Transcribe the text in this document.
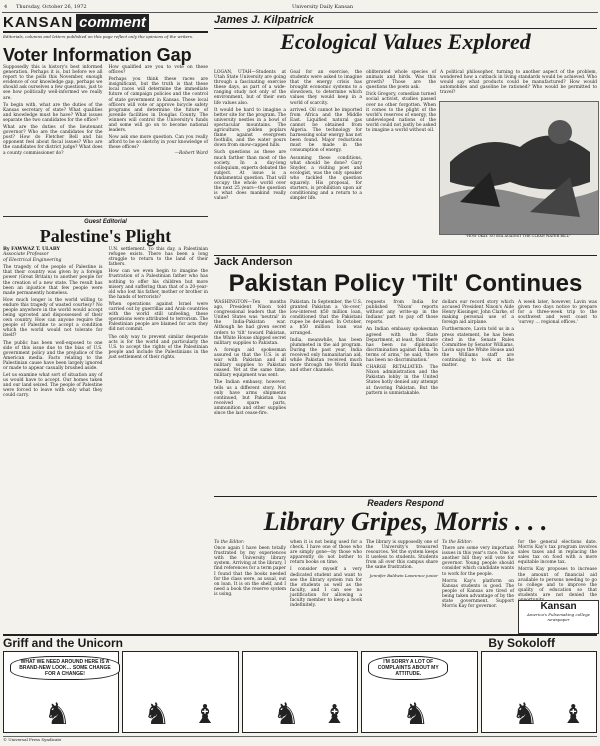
4 Thursday, October 26, 1972	University Daily Kansan
KANSAN comment
Editorials, columns and letters published on this page reflect only the opinions of the writers.
Voter Information Gap

Supposedly this is history's best informed generation. Perhaps it is, but before we all report to the polls this November, enough evidence of our knowledge gap, perhaps we should ask ourselves a few questions, just to see how politically well-informed we really are.

To begin with, what are the duties of the Kansas secretary of state? What qualities and knowledge must he have? What issues separate the two candidates for the office?

What are the duties of the lieutenant governor? Who are the candidates for the post? How do Fletcher Bell and his opponent feel about fiscal issues? Who are the candidates for district judge? What does a county commissioner do?

How qualified are you to vote on these offices?

Perhaps you think these races are insignificant, but the truth is that these local races will determine the immediate future of campaign policies and the control of state government in Kansas. These local officers will vote or approve bicycle safety programs and determine the future of juvenile facilities in Douglas County. The winners will control the University's funds and some will go on to become national leaders.

Now ask one more question. Can you really afford to be so sketchy in your knowledge of these offices?

—Robert Ward
Guest Editorial
Palestine's Plight
By FAWWAZ T. ULABY
Associate Professor
of Electrical Engineering

The tragedy of the people of Palestine is that their country was given by a foreign power (Great Britain) to another people for the creation of a new state. The result has been an injustice that few people were made permanently homeless.

How much longer is the world willing to endure this tragedy of wasted courtesy? No people anywhere in the world would accept being uprooted and dispossessed of their own country. How can anyone require the people of Palestine to accept a condition which the world would not tolerate for itself?

The public has been well-exposed to one side of this issue due to the bias of U.S. government policy and the prejudice of the American media. Facts relating to the Palestinian cause have been largely ignored or made to appear casually brushed aside.

Let us examine what sort of situation any of us would have to accept. Our homes taken and our land seized. The people of Palestine were forced to leave with only what they could carry.

U.N. settlement. To this day, a Palestinian refugee exists. There has been a long struggle to return to the land of their fathers.

How can we even begin to imagine the frustration of a Palestinian father who has nothing to offer his children but more misery and suffering than that of a 20-year-old who lost his father, mother or brother in the hands of terrorists?

When operations against Israel were carried out by guerrillas and Arab countries with the world still unfeeling, these operations were attributed to terrorism. The Palestinian people are blamed for acts they did not commit.

The only way to prevent similar desperate acts is for the world and particularly the U.S. to accept the rights of the Palestinian people and include the Palestinians in the just settlement of their rights.

James J. Kilpatrick
Ecological Values Explored

LOGAN, UTAH—Students at Utah State University are going through a fascinating exercise these days, as part of a wide-ranging study not only of the environment, but of their own life values also.

It would be hard to imagine a better site for the program. The university nestles in a bowl of spectacular mountains. The agriculture, golden poplars flame against evergreen foothills, and the water pours down from snow-capped hills.

Such questions as these are much farther than most of the society. In a day-long colloquium, experts debated the subject. At issue is a fundamental question. That will occupy the whole world over the next 25 years—the question is what does mankind really value?

Goal for an exercise, the students were asked to imagine that the energy crisis has brought economic systems to a slowdown, to determine which values they would keep in a world of scarcity.

arrived. Oil cannot be imported from Africa and the Middle East. Liquified natural gas cannot be obtained from Algeria. The technology for harnessing solar energy has not been found. Major reductions must be made in the consumption of energy.

Assuming these conditions, what should be done? Gary Snyder, a visiting poet and ecologist, was the only speaker who tackled the question squarely. His proposal, for starters, is prohibition upon air conditioning and a return to a simpler life.

obliterated whole species of animals and birds. Was this growth? Those are the questions the poets ask.

Dick Gregory, comedian turned social activist, studies passed over no other forgotten. When it comes to the plight of the world's reserves of energy, the undeveloped nations of the world could not justly be asked to imagine a world without oil.

A political philosopher, turning to another aspect of the problem, wondered how a cutback in living standards would be achieved. Who would say what products could be manufactured? How would automobiles and gasoline be rationed? Who would be permitted to travel?

"HOW OKAY. SO SEA AGAINST THE CLEAN WATER BILL"
Jack Anderson
Pakistan Policy 'Tilt' Continues

WASHINGTON—Ten months ago, President Nixon told congressional leaders that the United States was 'neutral' in the India-Pakistan war. Although he had given secret orders to 'tilt' toward Pakistan, the White House shipped secret military supplies to Pakistan.

A foreign aid spokesman assured us that the U.S. is at war with Pakistan and all military supplies to Pakistan ceased. Yet at the same time, military equipment was sent.

The Indian embassy, however, tells us a different story. Not only have arms shipments continued, but Pakistan has received spare parts, ammunition and other supplies since the last cease-fire.

Pakistan. In September, the U.S. granted Pakistan a 'do-over,' low-interest $50 million loan, conditioned that the Pakistani rupee be devalued. In October, a $50 million loan was arranged.

India, meanwhile, has been plummeted in the aid program. During the past year, India received only humanitarian aid, while Pakistan received much more through the World Bank and other channels.

requests from India for published 'Nixon' reports without any write-up in the Indians' part to pay off those reports.

An Indian embassy spokesman agreed with the State Department, at least, that there has been no diplomatic discrimination against India. 'In terms of arms,' he said, 'there has been no discrimination.'

CHARGE RETALIATED: The Nixon administration and the Pakistan lobby in the United States hotly denied any attempt at favoring Pakistan. But the pattern is unmistakable.

dollars our record story which accused President Nixon's Aide Henry Kissinger, John Clarke, of making personal use of a foreign aid airplane.

Furthermore, Lavin told us in a press statement, he has been cited in the Senate Rules Committee by Senator Williams. Lavin says the White House and the Williams staff are continuing to look at the matter.

A week later, however, Lavin was given two days notice to prepare for a three-week trip to the southwest and west coast to 'survey … regional offices.'

Readers Respond
Library Gripes, Morris . . .

To the Editor:

Once again I have been totally frustrated by my experiences with the University library system. Arriving at the library, I find references for a term paper I found that the books needed for the class were, as usual, out on loan. It is on the shelf, and I need a book the reserve system is using.

when it is not being used for a check. I have one of those who are simply gone—by those who apparently do not bother to return books on time.

I consider myself a very dedicated student and want to see the library system run for the students as well as the faculty, and I can see no justification for allowing a faculty member to keep a book indefinitely.

The library is supposedly one of the University's treasured resources. Yet the system keeps it useless to students. Students from all over this campus share the same frustration.

Jennifer Baldwin Lawrence junior

To the Editor:

There are some very important issues in this year's race. One is another bill they will vote for governor. Young people should consider which candidate wants to work for the people.

Morris Kay's platform on Kansas students is good. The people of Kansas are tired of being taken advantage of by the state government. Support Morris Kay for governor.

for the general elections date. Morris Kay's tax program involves sales taxes and in replacing the sales tax on food with a more equitable income tax.

Morris Kay proposes to increase the amount of financial aid available to persons needing to go to college and to improve the quality of education so that students are not denied the

Kansan
America's Pulsemaking college newspaper
Griff and the Unicorn	By Sokoloff
WHAT WE NEED AROUND HERE IS A BRAND-NEW LOOK… SOME CHANGE FOR A CHANGE!
♞ ♞ ♝ ♞ ♝
I'M SORRY A LOT OF COMPLAINTS ABOUT MY ATTITUDE.
♞	♞ ♝
© Universal Press Syndicate
